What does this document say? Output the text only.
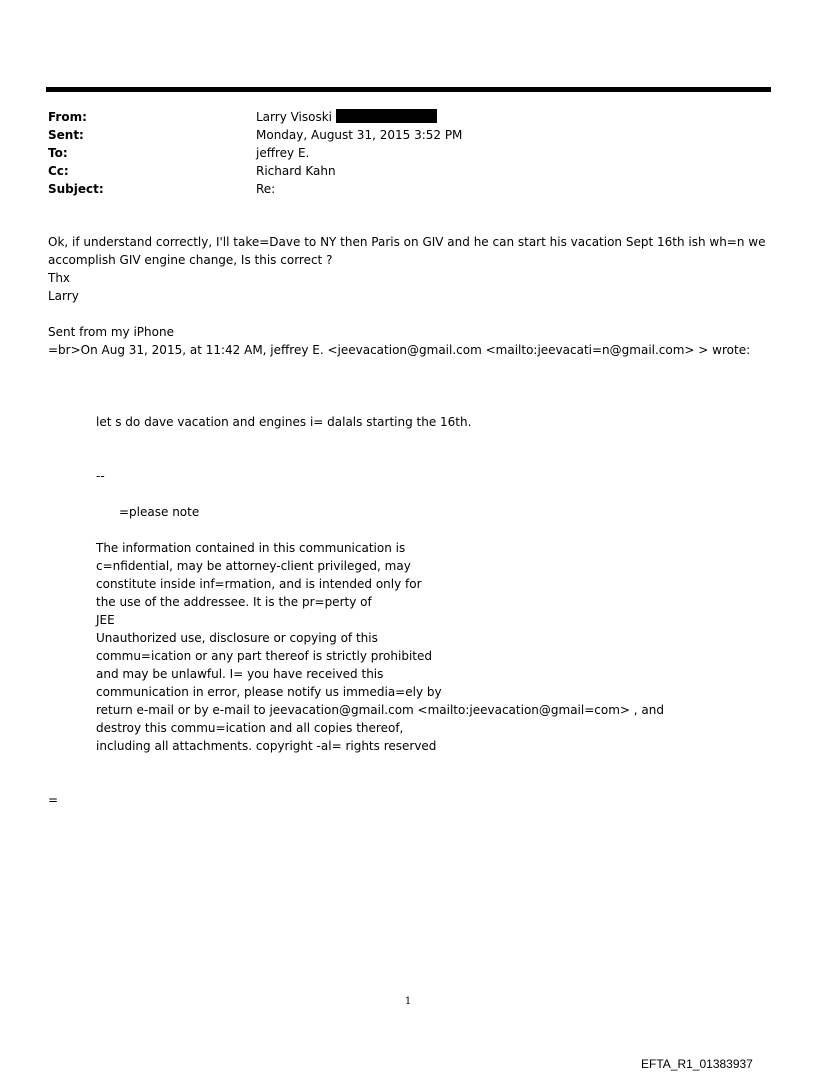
From:	Larry Visoski
Sent:	Monday, August 31, 2015 3:52 PM
To:	jeffrey E.
Cc:	Richard Kahn
Subject:	Re:
Ok, if understand correctly, I'll take=Dave to NY then Paris on GIV and he can start his vacation Sept 16th ish wh=n we
accomplish GIV engine change, Is this correct ?
Thx
Larry
Sent from my iPhone
=br>On Aug 31, 2015, at 11:42 AM, jeffrey E. <jeevacation@gmail.com <mailto:jeevacati=n@gmail.com> > wrote:
let s do dave vacation and engines i= dalals starting the 16th.
--
=please note
The information contained in this communication is
c=nfidential, may be attorney-client privileged, may
constitute inside inf=rmation, and is intended only for
the use of the addressee. It is the pr=perty of
JEE
Unauthorized use, disclosure or copying of this
commu=ication or any part thereof is strictly prohibited
and may be unlawful. I= you have received this
communication in error, please notify us immedia=ely by
return e-mail or by e-mail to jeevacation@gmail.com <mailto:jeevacation@gmail=com> , and
destroy this commu=ication and all copies thereof,
including all attachments. copyright -al= rights reserved
=
1
EFTA_R1_01383937
